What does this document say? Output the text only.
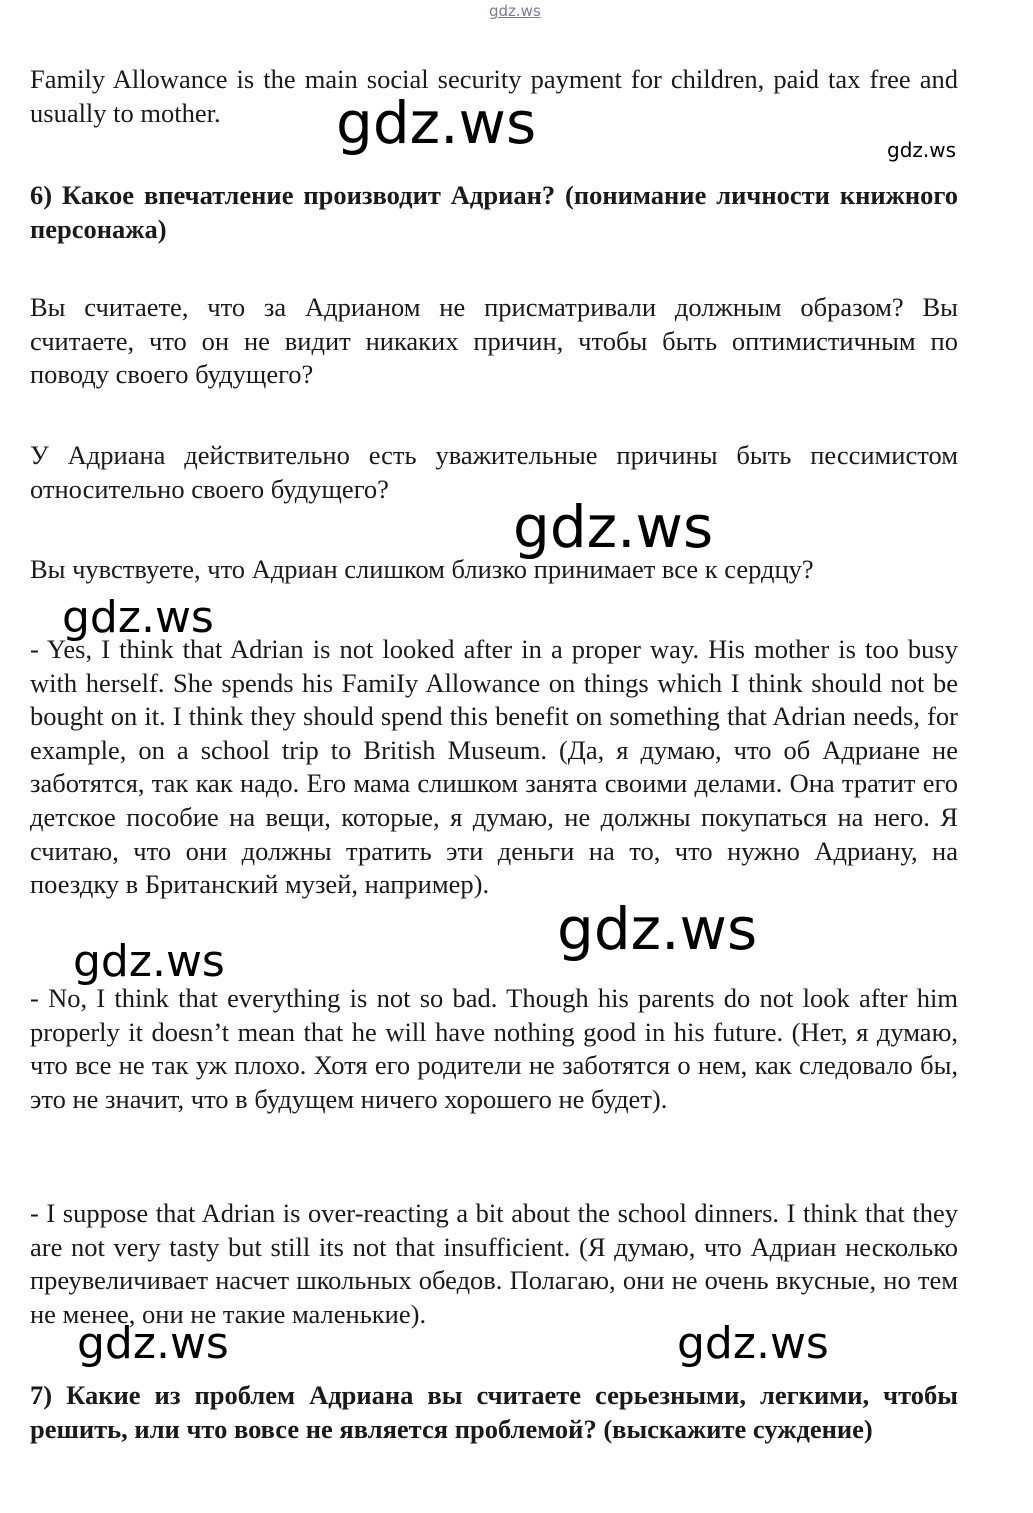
Family Allowance is the main social security payment for children, paid tax free and usually to mother.

6) Какое впечатление производит Адриан? (понимание личности книжного персонажа)

Вы считаете, что за Адрианом не присматривали должным образом? Вы считаете, что он не видит никаких причин, чтобы быть оптимистичным по поводу своего будущего?

У Адриана действительно есть уважительные причины быть пессимистом относительно своего будущего?

Вы чувствуете, что Адриан слишком близко принимает все к сердцу?

- Yes, I think that Adrian is not looked after in a proper way. His mother is too busy with herself. She spends his FamiIy Allowance on things which I think should not be bought on it. I think they should spend this benefit on something that Adrian needs, for example, on a school trip to British Museum. (Да, я думаю, что об Адриане не заботятся, так как надо. Его мама слишком занята своими делами. Она тратит его детское пособие на вещи, которые, я думаю, не должны покупаться на него. Я считаю, что они должны тратить эти деньги на то, что нужно Адриану, на поездку в Британский музей, например).

- No, I think that everything is not so bad. Though his parents do not look after him properly it doesn’t mean that he will have nothing good in his future. (Нет, я думаю, что все не так уж плохо. Хотя его родители не заботятся о нем, как следовало бы, это не значит, что в будущем ничего хорошего не будет).

- I suppose that Adrian is over-reacting a bit about the school dinners. I think that they are not very tasty but still its not that insufficient. (Я думаю, что Адриан несколько преувеличивает насчет школьных обедов. Полагаю, они не очень вкусные, но тем не менее, они не такие маленькие).

7) Какие из проблем Адриана вы считаете серьезными, легкими, чтобы решить, или что вовсе не является проблемой? (выскажите суждение)

gdz.ws
gdz.ws	gdz.ws
gdz.ws
gdz.ws
gdz.ws
gdz.ws
gdz.ws	gdz.ws
